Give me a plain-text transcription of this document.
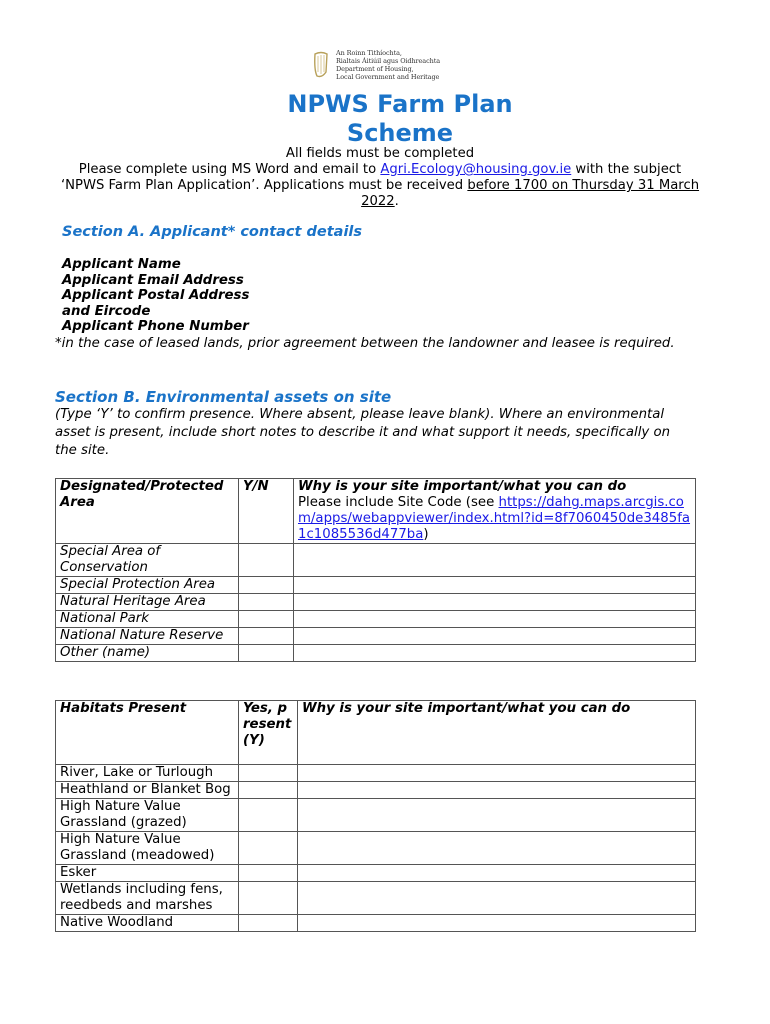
An Roinn Tithíochta,
Rialtais Áitiúil agus Oidhreachta
Department of Housing,
Local Government and Heritage
NPWS Farm Plan
Scheme
All fields must be completed
Please complete using MS Word and email to Agri.Ecology@housing.gov.ie with the subject ‘NPWS Farm Plan Application’. Applications must be received before 1700 on Thursday 31 March 2022.
Section A. Applicant* contact details
Applicant Name
Applicant Email Address
Applicant Postal Address
and Eircode
Applicant Phone Number
*in the case of leased lands, prior agreement between the landowner and leasee is required.
Section B. Environmental assets on site
(Type ‘Y’ to confirm presence. Where absent, please leave blank). Where an environmental asset is present, include short notes to describe it and what support it needs, specifically on the site.
Designated/Protected Area	Y/N	Why is your site important/what you can do
Please include Site Code (see https://dahg.maps.arcgis.com/apps/webappviewer/index.html?id=8f7060450de3485fa1c1085536d477ba)

Special Area of Conservation		
Special Protection Area		
Natural Heritage Area		
National Park		
National Nature Reserve		
Other (name)		
Habitats Present	Yes, present (Y)	Why is your site important/what you can do
River, Lake or Turlough		
Heathland or Blanket Bog		
High Nature Value Grassland (grazed)		
High Nature Value Grassland (meadowed)		
Esker		
Wetlands including fens, reedbeds and marshes		
Native Woodland		
